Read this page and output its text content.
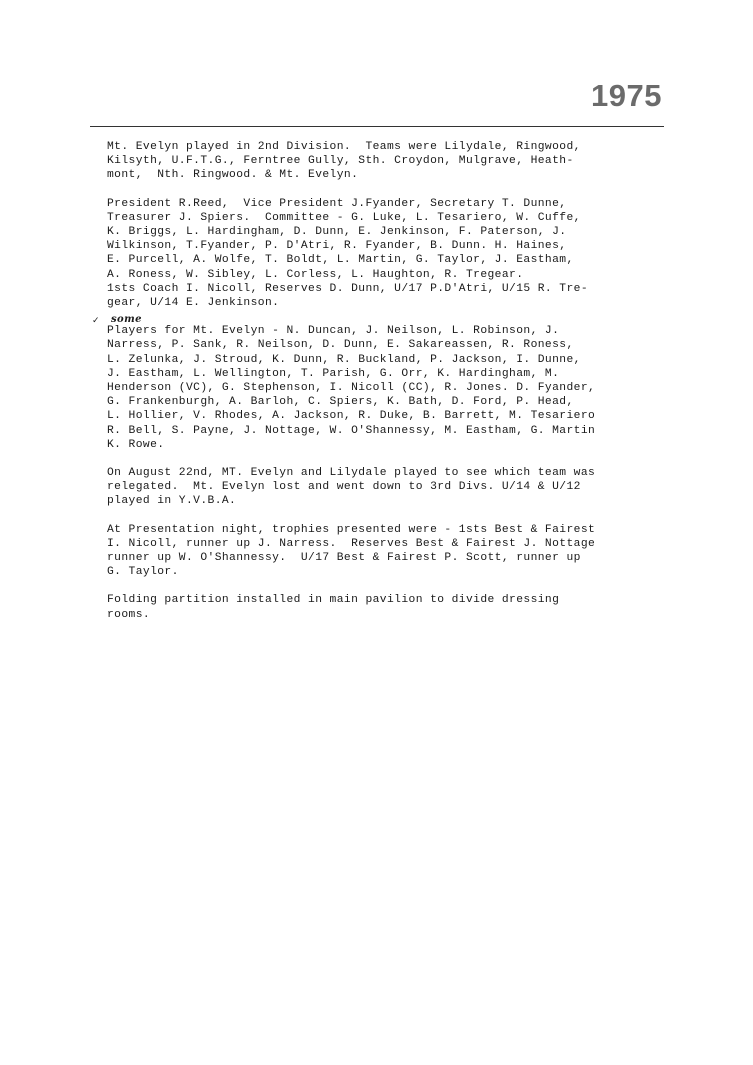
1975
Mt. Evelyn played in 2nd Division.  Teams were Lilydale, Ringwood,
Kilsyth, U.F.T.G., Ferntree Gully, Sth. Croydon, Mulgrave, Heath-
mont,  Nth. Ringwood. & Mt. Evelyn.
President R.Reed,  Vice President J.Fyander, Secretary T. Dunne,
Treasurer J. Spiers.  Committee - G. Luke, L. Tesariero, W. Cuffe,
K. Briggs, L. Hardingham, D. Dunn, E. Jenkinson, F. Paterson, J.
Wilkinson, T.Fyander, P. D'Atri, R. Fyander, B. Dunn. H. Haines,
E. Purcell, A. Wolfe, T. Boldt, L. Martin, G. Taylor, J. Eastham,
A. Roness, W. Sibley, L. Corless, L. Haughton, R. Tregear.
1sts Coach I. Nicoll, Reserves D. Dunn, U/17 P.D'Atri, U/15 R. Tre-
gear, U/14 E. Jenkinson.
some
✓
Players for Mt. Evelyn - N. Duncan, J. Neilson, L. Robinson, J.
Narress, P. Sank, R. Neilson, D. Dunn, E. Sakareassen, R. Roness,
L. Zelunka, J. Stroud, K. Dunn, R. Buckland, P. Jackson, I. Dunne,
J. Eastham, L. Wellington, T. Parish, G. Orr, K. Hardingham, M.
Henderson (VC), G. Stephenson, I. Nicoll (CC), R. Jones. D. Fyander,
G. Frankenburgh, A. Barloh, C. Spiers, K. Bath, D. Ford, P. Head,
L. Hollier, V. Rhodes, A. Jackson, R. Duke, B. Barrett, M. Tesariero
R. Bell, S. Payne, J. Nottage, W. O'Shannessy, M. Eastham, G. Martin
K. Rowe.
On August 22nd, MT. Evelyn and Lilydale played to see which team was
relegated.  Mt. Evelyn lost and went down to 3rd Divs. U/14 & U/12
played in Y.V.B.A.
At Presentation night, trophies presented were - 1sts Best & Fairest
I. Nicoll, runner up J. Narress.  Reserves Best & Fairest J. Nottage
runner up W. O'Shannessy.  U/17 Best & Fairest P. Scott, runner up
G. Taylor.
Folding partition installed in main pavilion to divide dressing
rooms.
